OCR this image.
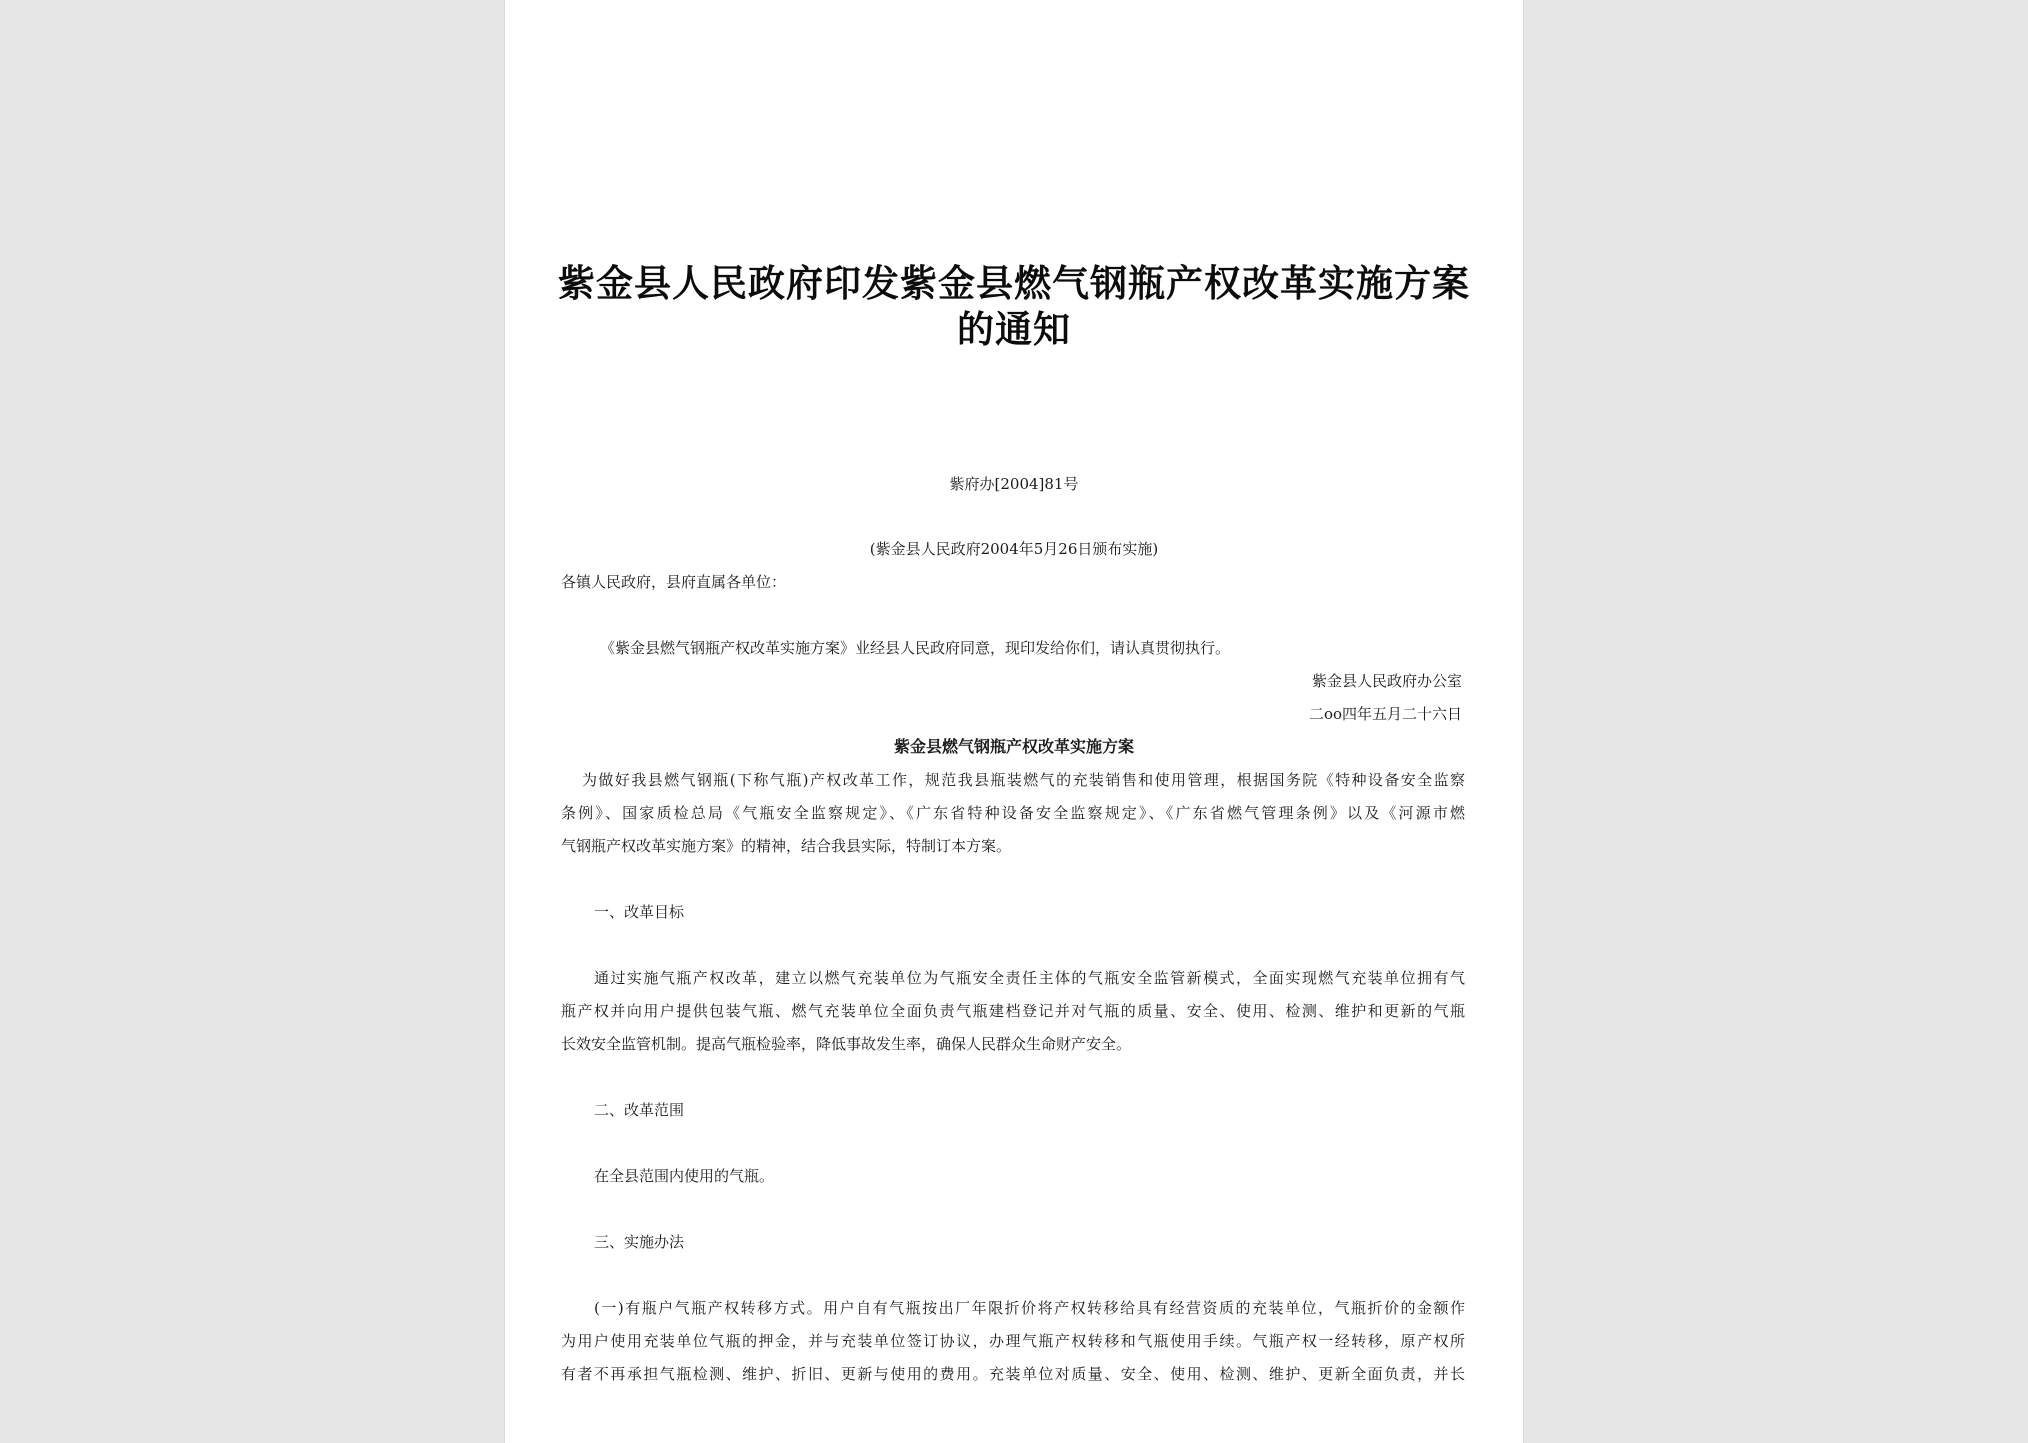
紫金县人民政府印发紫金县燃气钢瓶产权改革实施方案
的通知
紫府办[2004]81号
(紫金县人民政府2004年5月26日颁布实施)
各镇人民政府，县府直属各单位：
《紫金县燃气钢瓶产权改革实施方案》业经县人民政府同意，现印发给你们，请认真贯彻执行。
紫金县人民政府办公室
二oo四年五月二十六日
紫金县燃气钢瓶产权改革实施方案
为做好我县燃气钢瓶(下称气瓶)产权改革工作，规范我县瓶装燃气的充装销售和使用管理，根据国务院《特种设备安全监察
条例》、国家质检总局《气瓶安全监察规定》、《广东省特种设备安全监察规定》、《广东省燃气管理条例》以及《河源市燃
气钢瓶产权改革实施方案》的精神，结合我县实际，特制订本方案。
一、改革目标
通过实施气瓶产权改革，建立以燃气充装单位为气瓶安全责任主体的气瓶安全监管新模式，全面实现燃气充装单位拥有气
瓶产权并向用户提供包装气瓶、燃气充装单位全面负责气瓶建档登记并对气瓶的质量、安全、使用、检测、维护和更新的气瓶
长效安全监管机制。提高气瓶检验率，降低事故发生率，确保人民群众生命财产安全。
二、改革范围
在全县范围内使用的气瓶。
三、实施办法
(一)有瓶户气瓶产权转移方式。用户自有气瓶按出厂年限折价将产权转移给具有经营资质的充装单位，气瓶折价的金额作
为用户使用充装单位气瓶的押金，并与充装单位签订协议，办理气瓶产权转移和气瓶使用手续。气瓶产权一经转移，原产权所
有者不再承担气瓶检测、维护、折旧、更新与使用的费用。充装单位对质量、安全、使用、检测、维护、更新全面负责，并长
